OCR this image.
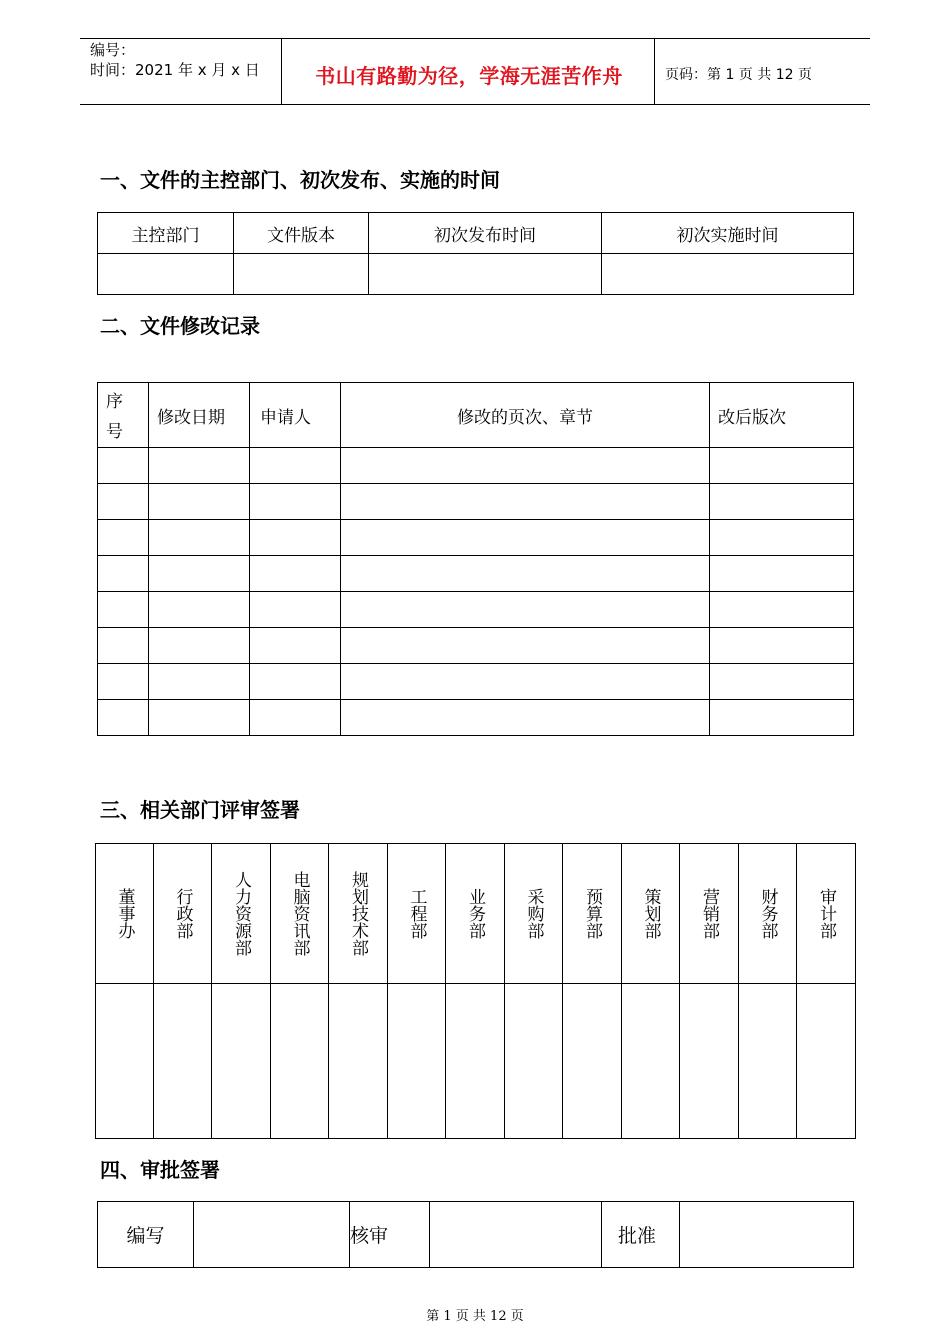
编号：
时间：2021 年 x 月 x 日	书山有路勤为径，学海无涯苦作舟	页码：第 1 页 共 12 页
一、文件的主控部门、初次发布、实施的时间
主控部门	文件版本	初次发布时间	初次实施时间

二、文件修改记录
序号	修改日期	申请人	修改的页次、章节	改后版次

三、相关部门评审签署
董事办	行政部	人力资源部	电脑资讯部	规划技术部	工程部	业务部	采购部	预算部	策划部	营销部	财务部	审计部

四、审批签署
编写		核审		批准	
第 1 页 共 12 页
